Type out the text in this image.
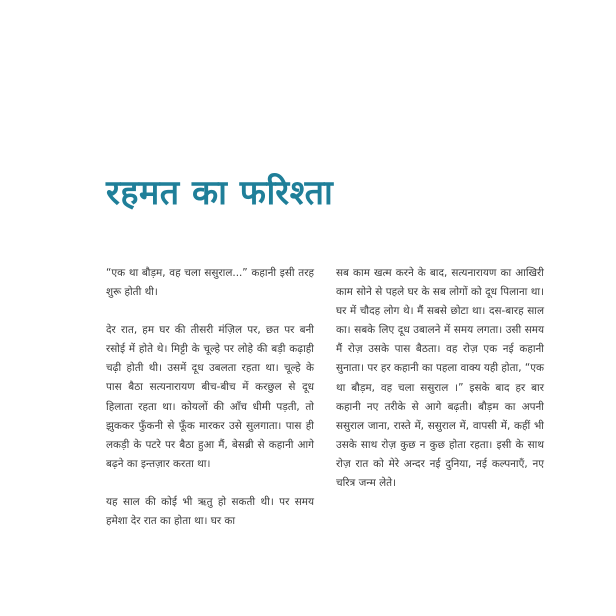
रहमत का फरिश्ता

“एक था बौड़म, वह चला ससुराल...” कहानी इसी तरह शुरू होती थी।

देर रात, हम घर की तीसरी मंज़िल पर, छत पर बनी रसोई में होते थे। मिट्टी के चूल्हे पर लोहे की बड़ी कढ़ाही चढ़ी होती थी। उसमें दूध उबलता रहता था। चूल्हे के पास बैठा सत्यनारायण बीच-बीच में करछुल से दूध हिलाता रहता था। कोयलों की आँच धीमी पड़ती, तो झुककर फुँकनी से फूँक मारकर उसे सुलगाता। पास ही लकड़ी के पटरे पर बैठा हुआ मैं, बेसब्री से कहानी आगे बढ़ने का इन्तज़ार करता था।

यह साल की कोई भी ऋतु हो सकती थी। पर समय हमेशा देर रात का होता था। घर का

सब काम खत्म करने के बाद, सत्यनारायण का आखिरी काम सोने से पहले घर के सब लोगों को दूध पिलाना था। घर में चौदह लोग थे। मैं सबसे छोटा था। दस-बारह साल का। सबके लिए दूध उबालने में समय लगता। उसी समय मैं रोज़ उसके पास बैठता। वह रोज़ एक नई कहानी सुनाता। पर हर कहानी का पहला वाक्य यही होता, “एक था बौड़म, वह चला ससुराल ।” इसके बाद हर बार कहानी नए तरीके से आगे बढ़ती। बौड़म का अपनी ससुराल जाना, रास्ते में, ससुराल में, वापसी में, कहीं भी उसके साथ रोज़ कुछ न कुछ होता रहता। इसी के साथ रोज़ रात को मेरे अन्दर नई दुनिया, नई कल्पनाएँ, नए चरित्र जन्म लेते।
